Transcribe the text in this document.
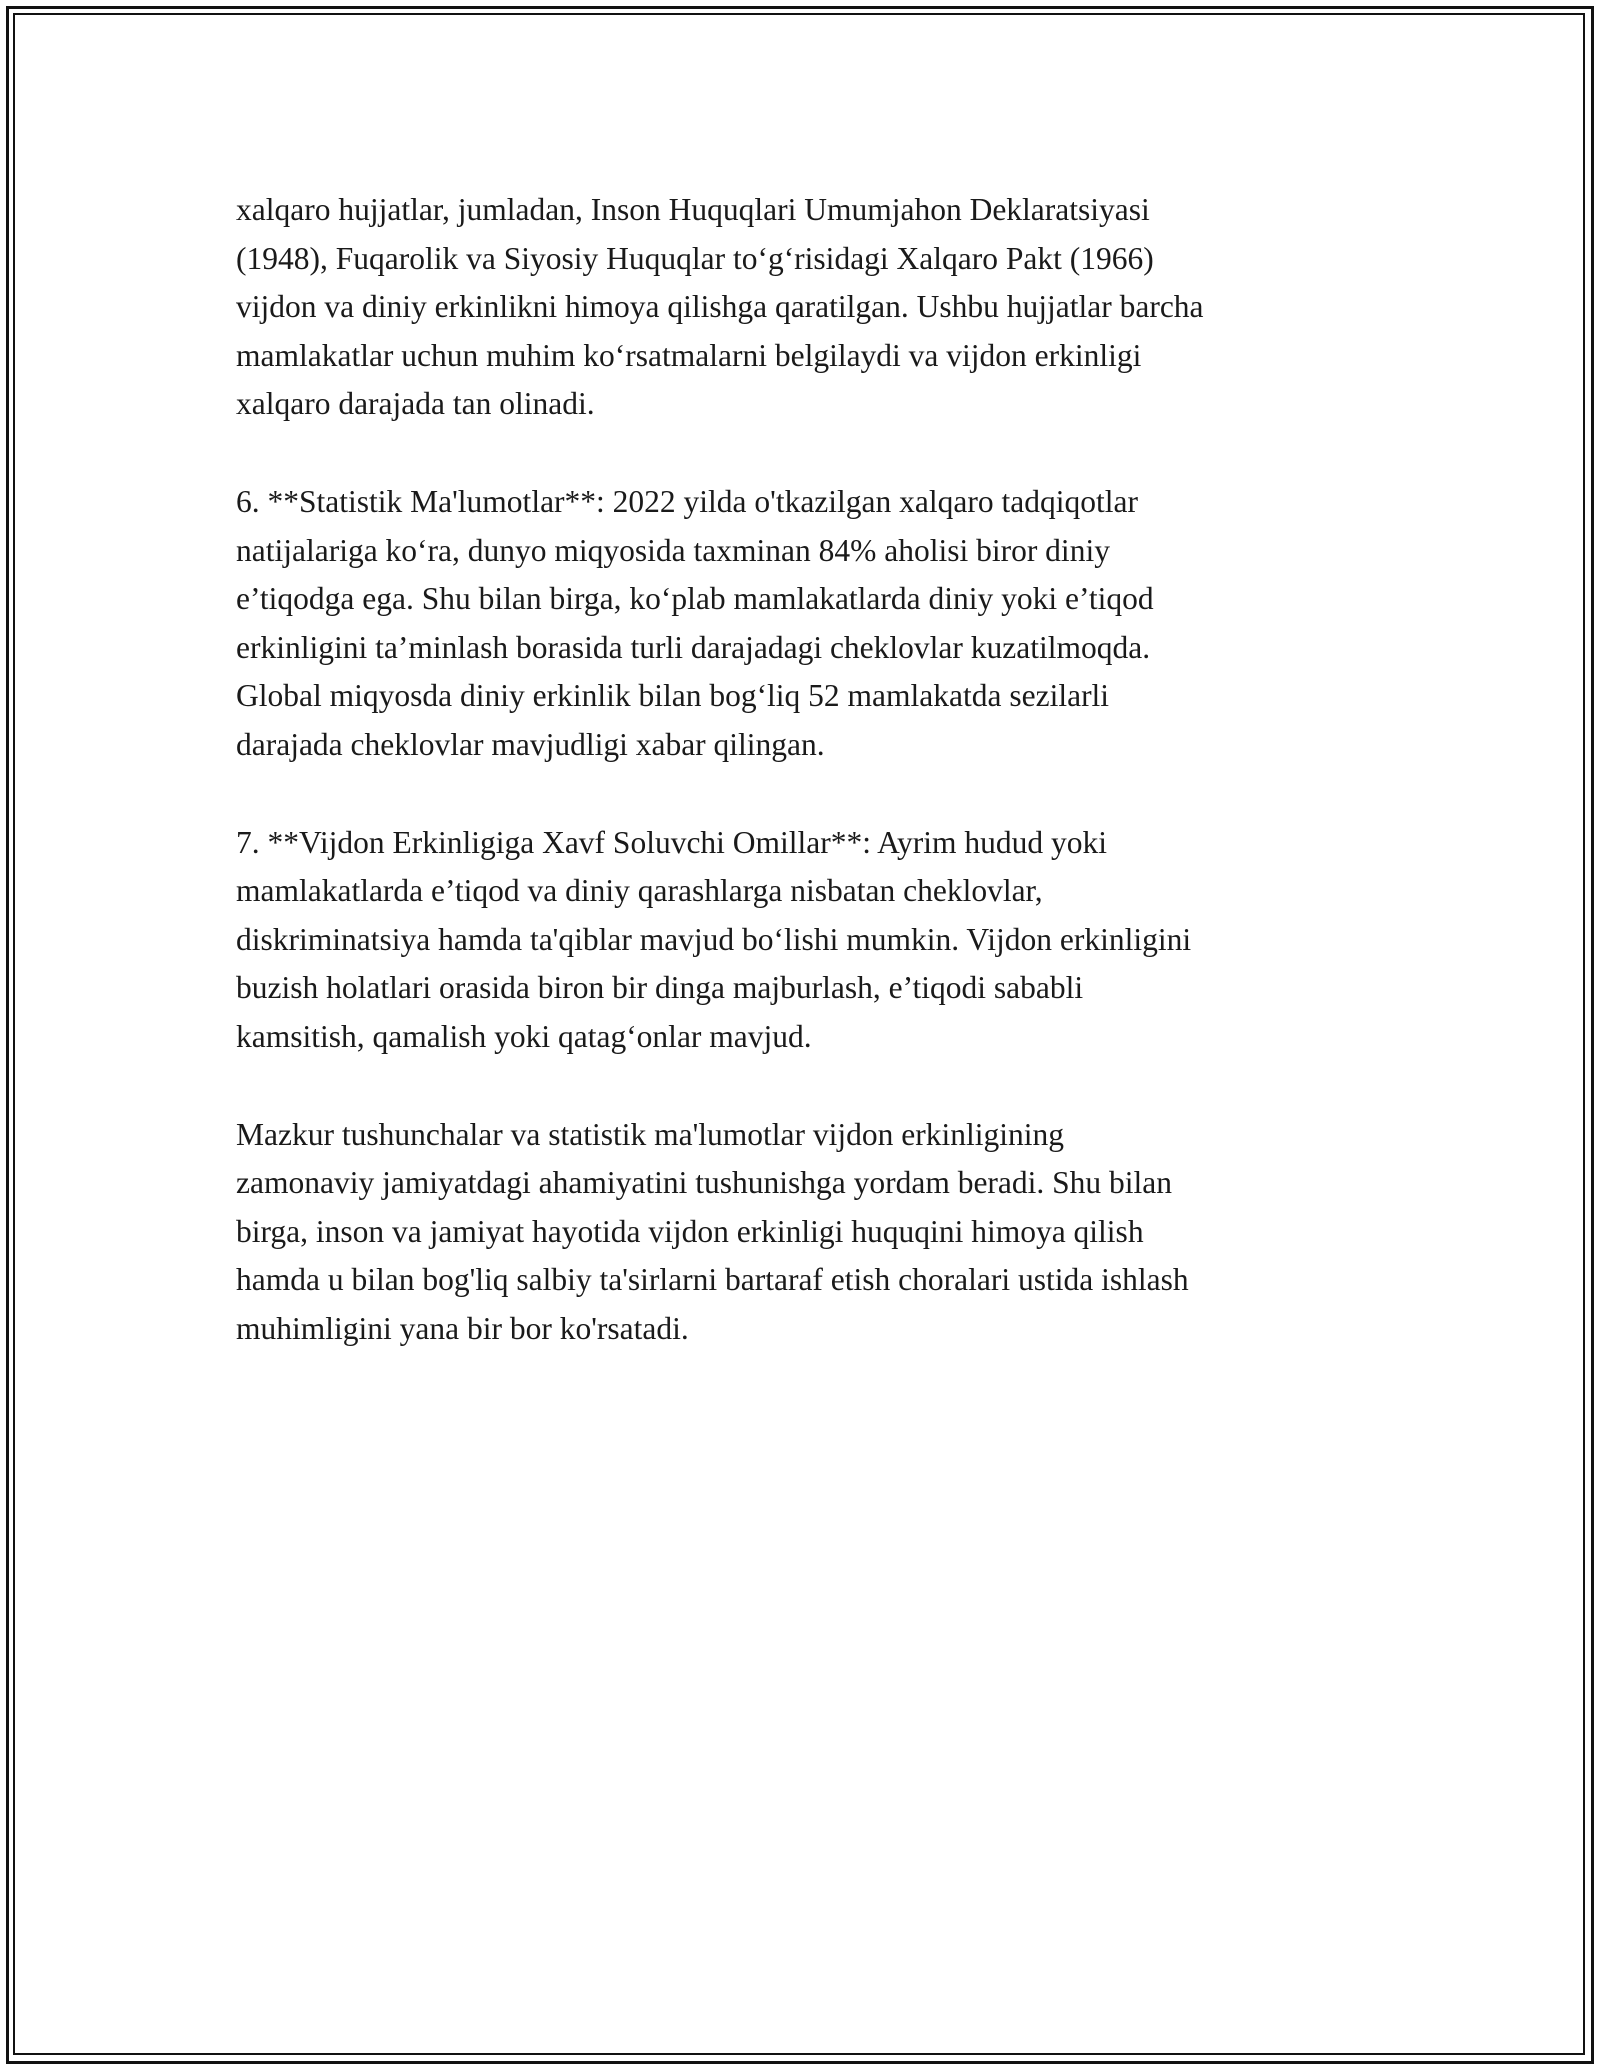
xalqaro hujjatlar, jumladan, Inson Huquqlari Umumjahon Deklaratsiyasi
(1948), Fuqarolik va Siyosiy Huquqlar to‘g‘risidagi Xalqaro Pakt (1966)
vijdon va diniy erkinlikni himoya qilishga qaratilgan. Ushbu hujjatlar barcha
mamlakatlar uchun muhim ko‘rsatmalarni belgilaydi va vijdon erkinligi
xalqaro darajada tan olinadi.

6. **Statistik Ma'lumotlar**: 2022 yilda o'tkazilgan xalqaro tadqiqotlar
natijalariga ko‘ra, dunyo miqyosida taxminan 84% aholisi biror diniy
e’tiqodga ega. Shu bilan birga, ko‘plab mamlakatlarda diniy yoki e’tiqod
erkinligini ta’minlash borasida turli darajadagi cheklovlar kuzatilmoqda.
Global miqyosda diniy erkinlik bilan bog‘liq 52 mamlakatda sezilarli
darajada cheklovlar mavjudligi xabar qilingan.

7. **Vijdon Erkinligiga Xavf Soluvchi Omillar**: Ayrim hudud yoki
mamlakatlarda e’tiqod va diniy qarashlarga nisbatan cheklovlar,
diskriminatsiya hamda ta'qiblar mavjud bo‘lishi mumkin. Vijdon erkinligini
buzish holatlari orasida biron bir dinga majburlash, e’tiqodi sababli
kamsitish, qamalish yoki qatag‘onlar mavjud.

Mazkur tushunchalar va statistik ma'lumotlar vijdon erkinligining
zamonaviy jamiyatdagi ahamiyatini tushunishga yordam beradi. Shu bilan
birga, inson va jamiyat hayotida vijdon erkinligi huquqini himoya qilish
hamda u bilan bog'liq salbiy ta'sirlarni bartaraf etish choralari ustida ishlash
muhimligini yana bir bor ko'rsatadi.
